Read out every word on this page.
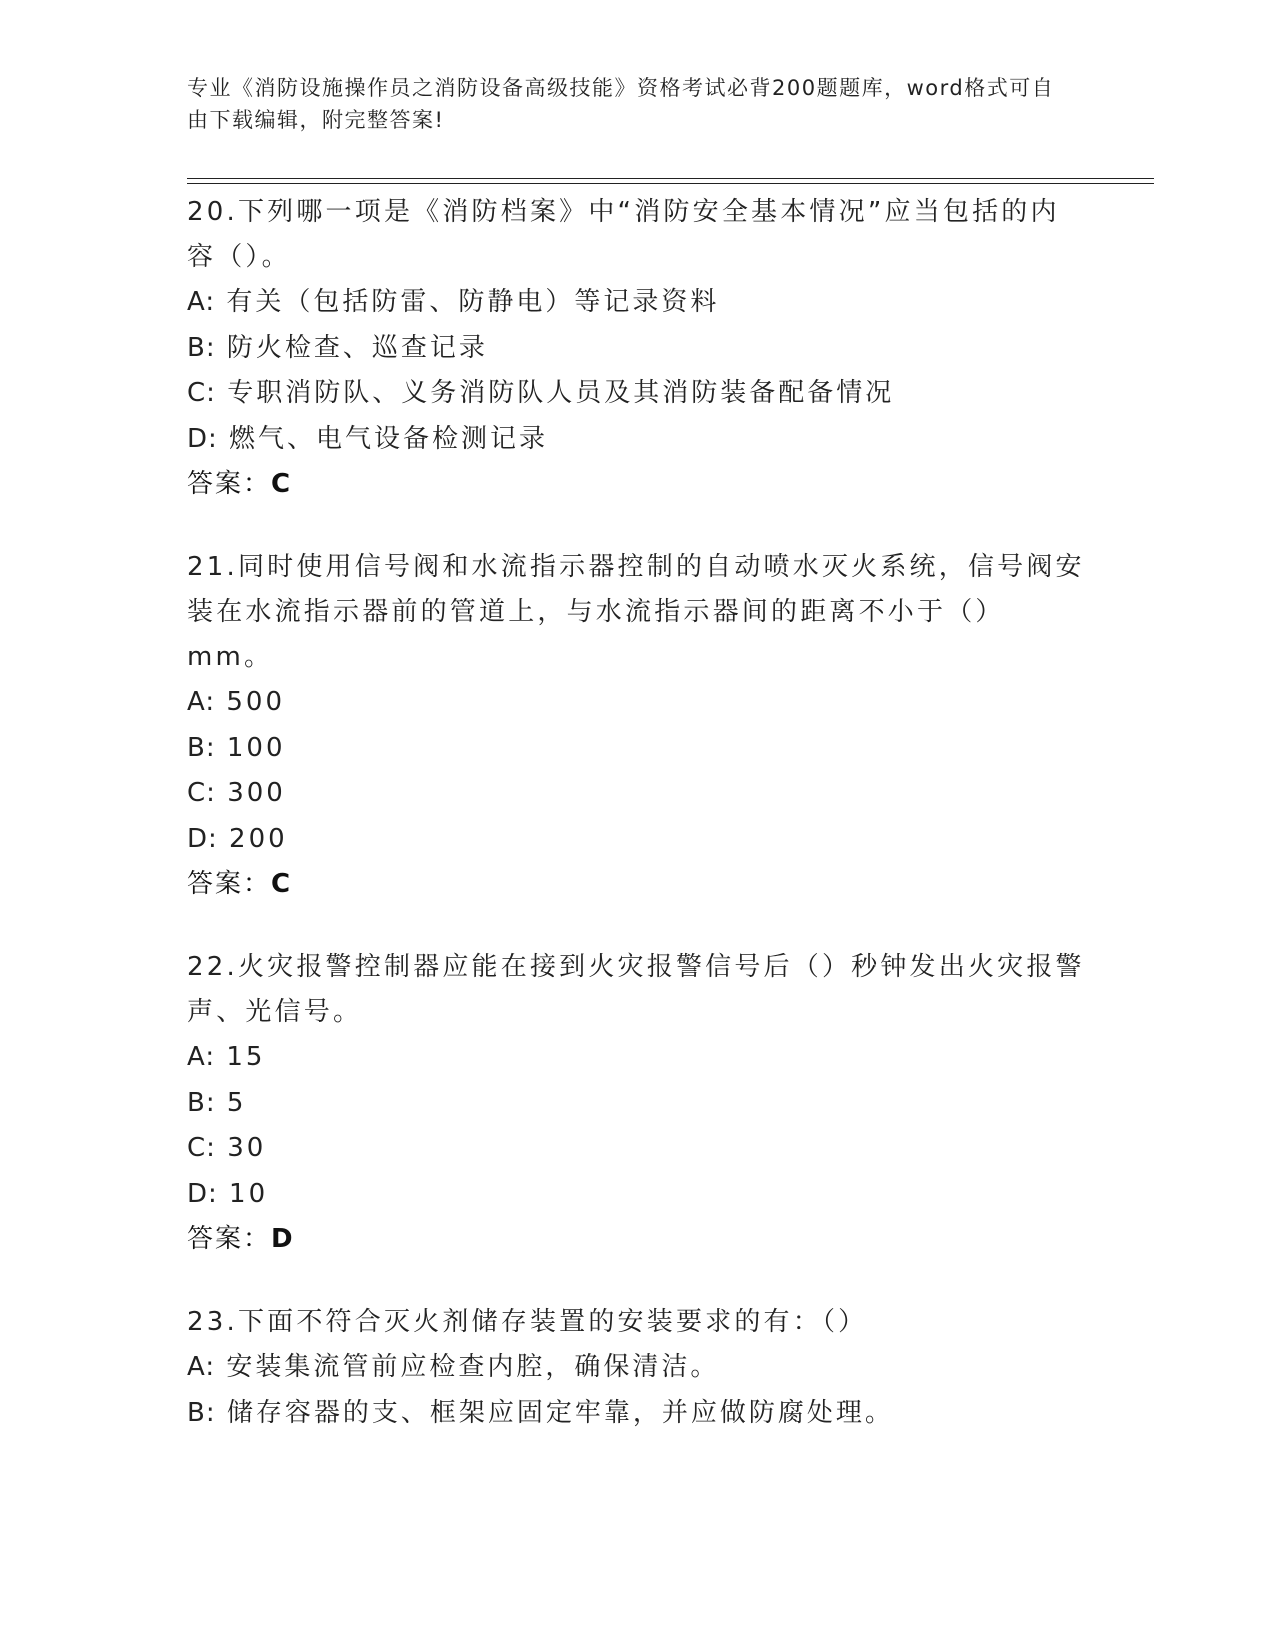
专业《消防设施操作员之消防设备高级技能》资格考试必背200题题库，word格式可自由下载编辑，附完整答案!

20.下列哪一项是《消防档案》中“消防安全基本情况”应当包括的内容（）。

A: 有关（包括防雷、防静电）等记录资料

B: 防火检查、巡查记录

C: 专职消防队、义务消防队人员及其消防装备配备情况

D: 燃气、电气设备检测记录

答案：C

21.同时使用信号阀和水流指示器控制的自动喷水灭火系统，信号阀安装在水流指示器前的管道上，与水流指示器间的距离不小于（）mm。

A: 500

B: 100

C: 300

D: 200

答案：C

22.火灾报警控制器应能在接到火灾报警信号后（）秒钟发出火灾报警声、光信号。

A: 15

B: 5

C: 30

D: 10

答案：D

23.下面不符合灭火剂储存装置的安装要求的有：（）

A: 安装集流管前应检查内腔，确保清洁。

B: 储存容器的支、框架应固定牢靠，并应做防腐处理。
